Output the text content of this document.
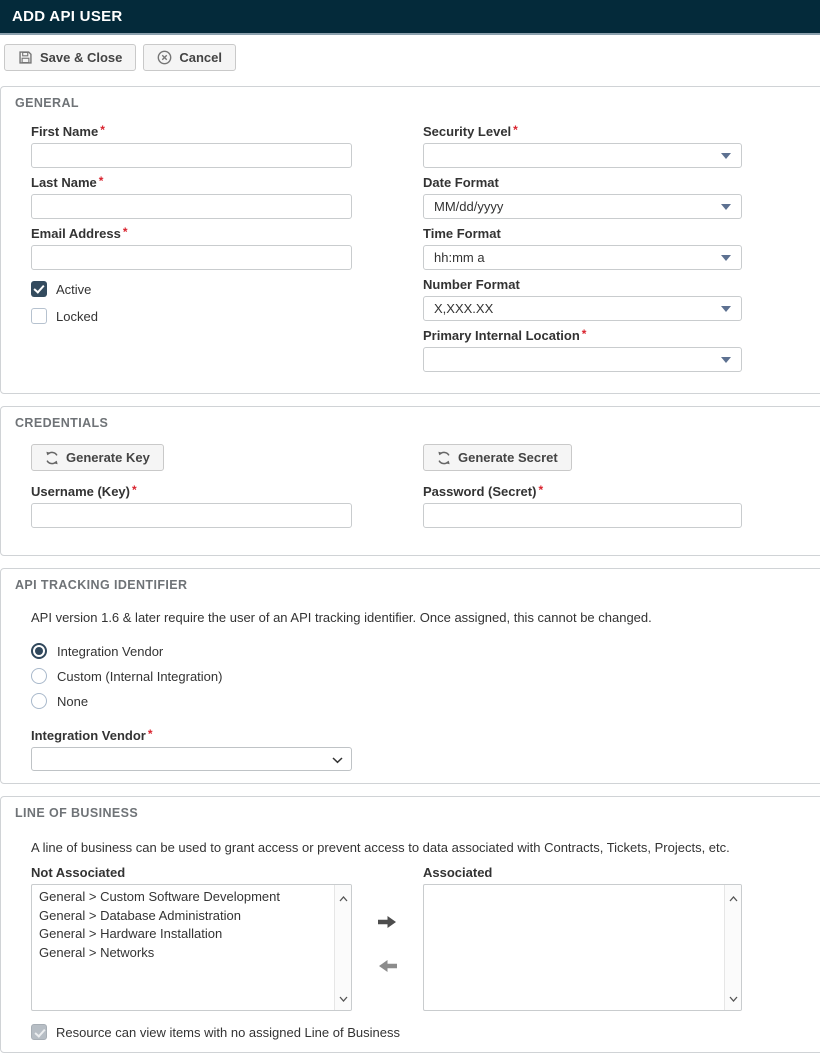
ADD API USER
Save & Close	Cancel
GENERAL
First Name *
Last Name *
Email Address *
Active
Locked
Security Level *
Date Format
MM/dd/yyyy
Time Format
hh:mm a
Number Format
X,XXX.XX
Primary Internal Location *
CREDENTIALS
Generate Key
Username (Key) *
Generate Secret
Password (Secret) *
API TRACKING IDENTIFIER

API version 1.6 & later require the user of an API tracking identifier. Once assigned, this cannot be changed.

Integration Vendor
Custom (Internal Integration)
None
Integration Vendor *
LINE OF BUSINESS

A line of business can be used to grant access or prevent access to data associated with Contracts, Tickets, Projects, etc.

Not Associated
General > Custom Software Development
General > Database Administration
General > Hardware Installation
General > Networks
Associated
Resource can view items with no assigned Line of Business
